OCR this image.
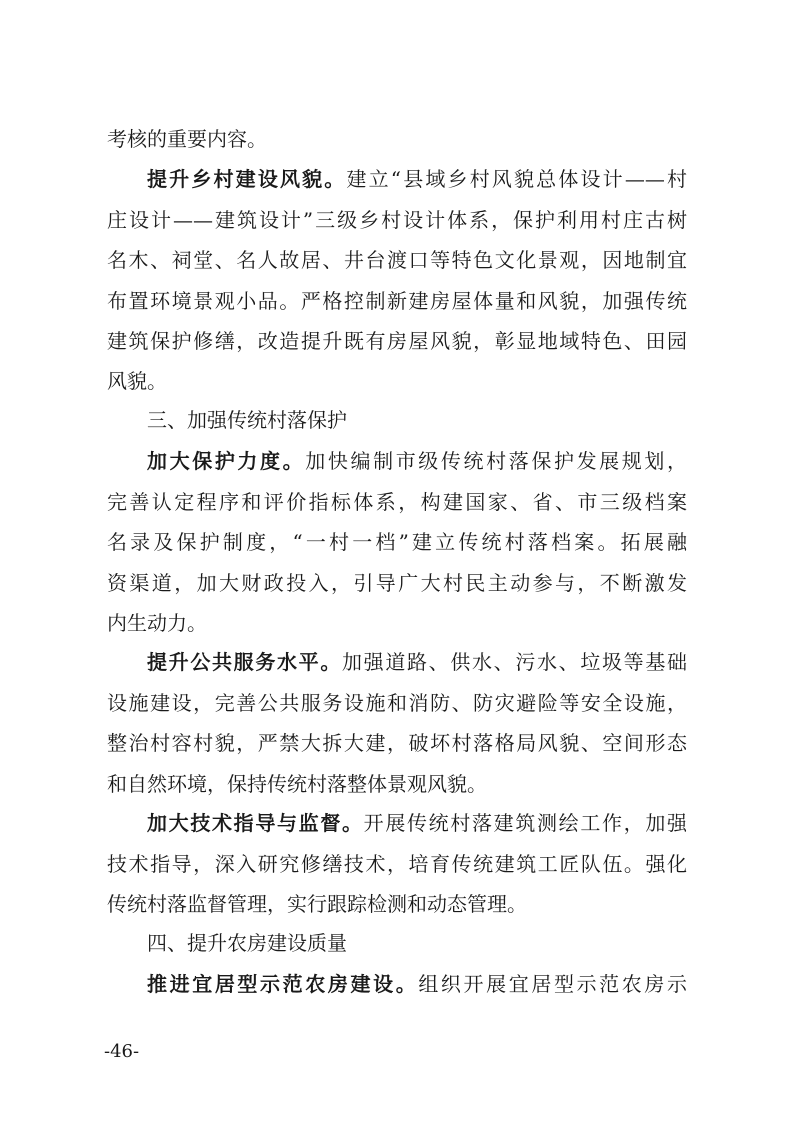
考核的重要内容。
提升乡村建设风貌。建立“县域乡村风貌总体设计——村
庄设计——建筑设计”三级乡村设计体系，保护利用村庄古树
名木、祠堂、名人故居、井台渡口等特色文化景观，因地制宜
布置环境景观小品。严格控制新建房屋体量和风貌，加强传统
建筑保护修缮，改造提升既有房屋风貌，彰显地域特色、田园
风貌。
三、加强传统村落保护
加大保护力度。加快编制市级传统村落保护发展规划，
完善认定程序和评价指标体系，构建国家、省、市三级档案
名录及保护制度，“一村一档”建立传统村落档案。拓展融
资渠道，加大财政投入，引导广大村民主动参与，不断激发
内生动力。
提升公共服务水平。加强道路、供水、污水、垃圾等基础
设施建设，完善公共服务设施和消防、防灾避险等安全设施，
整治村容村貌，严禁大拆大建，破坏村落格局风貌、空间形态
和自然环境，保持传统村落整体景观风貌。
加大技术指导与监督。开展传统村落建筑测绘工作，加强
技术指导，深入研究修缮技术，培育传统建筑工匠队伍。强化
传统村落监督管理，实行跟踪检测和动态管理。
四、提升农房建设质量
推进宜居型示范农房建设。组织开展宜居型示范农房示
-46-
